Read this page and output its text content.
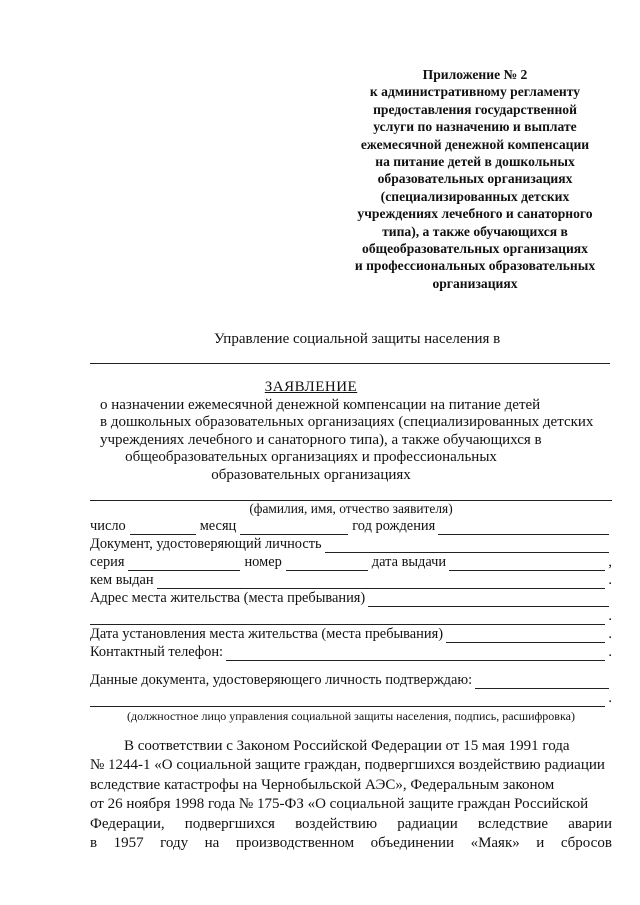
Приложение № 2
к административному регламенту
предоставления государственной
услуги по назначению и выплате
ежемесячной денежной компенсации
на питание детей в дошкольных
образовательных организациях
(специализированных детских
учреждениях лечебного и санаторного
типа), а также обучающихся в
общеобразовательных организациях
и профессиональных образовательных
организациях
Управление социальной защиты населения в
ЗАЯВЛЕНИЕ
о назначении ежемесячной денежной компенсации на питание детей
в дошкольных образовательных организациях (специализированных детских
учреждениях лечебного и санаторного типа), а также обучающихся в
общеобразовательных организациях и профессиональных
образовательных организациях
(фамилия, имя, отчество заявителя)
число	месяц	год рождения
Документ, удостоверяющий личность
серия	номер	дата выдачи	,
кем выдан	.
Адрес места жительства (места пребывания)
.
Дата установления места жительства (места пребывания)	.
Контактный телефон:	.
Данные документа, удостоверяющего личность подтверждаю:
.
(должностное лицо управления социальной защиты населения, подпись, расшифровка)
В соответствии с Законом Российской Федерации от 15 мая 1991 года
№ 1244-1 «О социальной защите граждан, подвергшихся воздействию радиации
вследствие катастрофы на Чернобыльской АЭС», Федеральным законом
от 26 ноября 1998 года № 175-ФЗ «О социальной защите граждан Российской
Федерации, подвергшихся воздействию радиации вследствие аварии
в 1957 году на производственном объединении «Маяк» и сбросов
